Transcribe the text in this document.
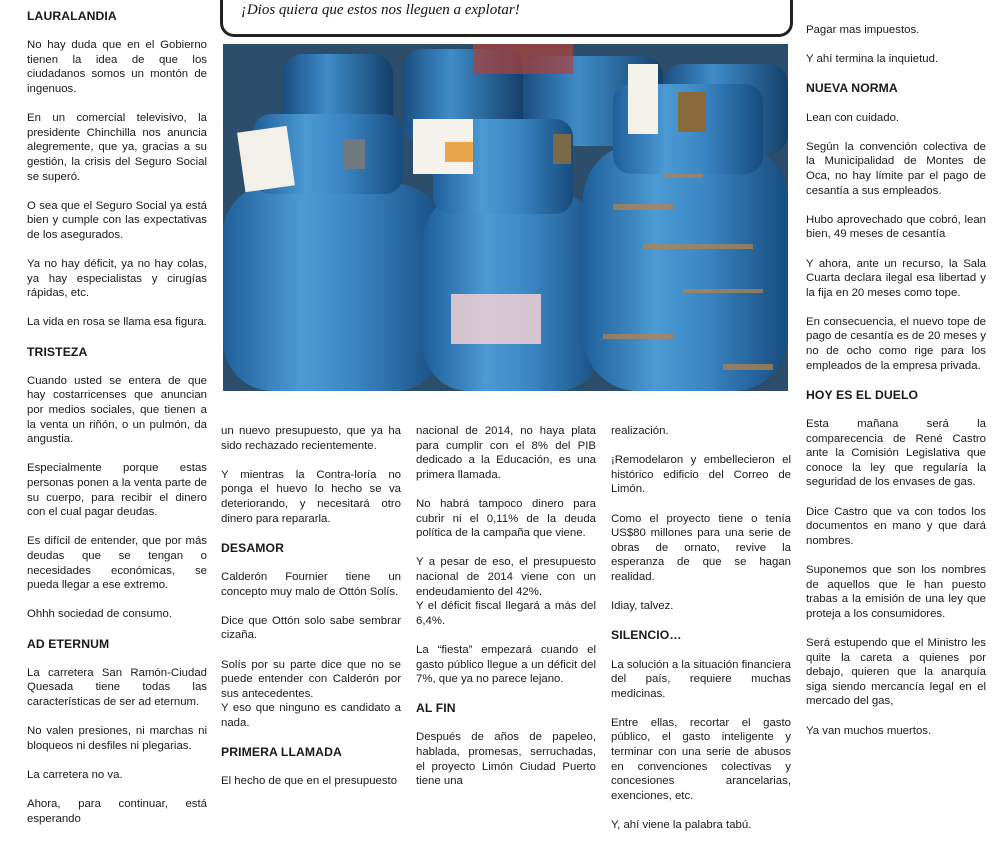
LAURALANDIA

No hay duda que en el Gobierno tienen la idea de que los ciudadanos somos un montón de ingenuos.

En un comercial televisivo, la presidente Chinchilla nos anuncia alegremente, que ya, gracias a su gestión, la crisis del Seguro Social se superó.

O sea que el Seguro Social ya está bien y cumple con las expectativas de los asegurados.

Ya no hay déficit, ya no hay colas, ya hay especialistas y cirugías rápidas, etc.

La vida en rosa se llama esa figura.

TRISTEZA

Cuando usted se entera de que hay costarricenses que anuncian por medios sociales, que tienen a la venta un riñón, o un pulmón, da angustia.

Especialmente porque estas personas ponen a la venta parte de su cuerpo, para recibir el dinero con el cual pagar deudas.

Es difícil de entender, que por más deudas que se tengan o necesidades económicas, se pueda llegar a ese extremo.

Ohhh sociedad de consumo.

AD ETERNUM

La carretera San Ramón-Ciudad Quesada tiene todas las características de ser ad eternum.

No valen presiones, ni marchas ni bloqueos ni desfiles ni plegarias.

La carretera no va.

Ahora, para continuar, está esperando

¡Dios quiera que estos nos lleguen a explotar!

un nuevo presupuesto, que ya ha sido rechazado recientemente.

Y mientras la Contra-loría no ponga el huevo lo hecho se va deteriorando, y necesitará otro dinero para repararla.

DESAMOR

Calderón Fournier tiene un concepto muy malo de Ottón Solís.

Dice que Ottón solo sabe sembrar cizaña.

Solís por su parte dice que no se puede entender con Calderón por sus antecedentes.

Y eso que ninguno es candidato a nada.

PRIMERA LLAMADA

El hecho de que en el presupuesto

nacional de 2014, no haya plata para cumplir con el 8% del PIB dedicado a la Educación, es una primera llamada.

No habrá tampoco dinero para cubrir ni el 0,11% de la deuda política de la campaña que viene.

Y a pesar de eso, el presupuesto nacional de 2014 viene con un endeudamiento del 42%.

Y el déficit fiscal llegará a más del 6,4%.

La “fiesta” empezará cuando el gasto público llegue a un déficit del 7%, que ya no parece lejano.

AL FIN

Después de años de papeleo, hablada, promesas, serruchadas, el proyecto Limón Ciudad Puerto tiene una

realización.

¡Remodelaron y embellecieron el histórico edificio del Correo de Limón.

Como el proyecto tiene o tenía US$80 millones para una serie de obras de ornato, revive la esperanza de que se hagan realidad.

Idiay, talvez.

SILENCIO…

La solución a la situación financiera del país, requiere muchas medicinas.

Entre ellas, recortar el gasto público, el gasto inteligente y terminar con una serie de abusos en convenciones colectivas y concesiones arancelarias, exenciones, etc.

Y, ahí viene la palabra tabú.

Pagar mas impuestos.

Y ahí termina la inquietud.

NUEVA NORMA

Lean con cuidado.

Según la convención colectiva de la Municipalidad de Montes de Oca, no hay límite par el pago de cesantía a sus empleados.

Hubo aprovechado que cobró, lean bien, 49 meses de cesantía

Y ahora, ante un recurso, la Sala Cuarta declara ilegal esa libertad y la fija en 20 meses como tope.

En consecuencia, el nuevo tope de pago de cesantía es de 20 meses y no de ocho como rige para los empleados de la empresa privada.

HOY ES EL DUELO

Esta mañana será la comparecencia de René Castro ante la Comisión Legislativa que conoce la ley que regularía la seguridad de los envases de gas.

Dice Castro que va con todos los documentos en mano y que dará nombres.

Suponemos que son los nombres de aquellos que le han puesto trabas a la emisión de una ley que proteja a los consumidores.

Será estupendo que el Ministro les quite la careta a quienes por debajo, quieren que la anarquía siga siendo mercancía legal en el mercado del gas,

Ya van muchos muertos.
